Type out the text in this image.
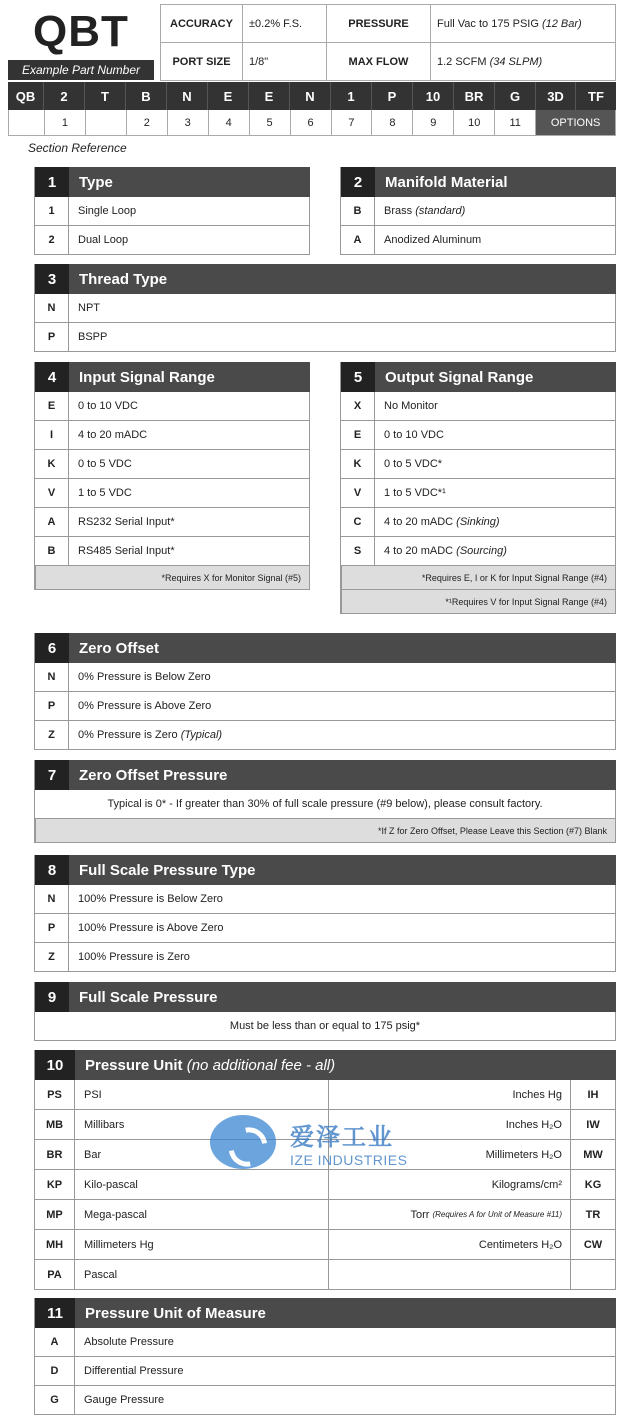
QBT
Example Part Number
ACCURACY	±0.2% F.S.	PRESSURE	Full Vac to 175 PSIG
(12 Bar)
PORT SIZE	1/8"	MAX FLOW	1.2 SCFM
(34 SLPM)
QB	2	T	B	N	E	E	N	1	P	10	BR	G	3D	TF
1	2	3	4	5	6	7	8	9	10	11	OPTIONS
Section Reference
1	Type
1	Single Loop
2	Dual Loop
2	Manifold Material
B	Brass
(standard)
A	Anodized Aluminum
3	Thread Type
N	NPT
P	BSPP
4	Input Signal Range
E	0 to 10 VDC
I	4 to 20 mADC
K	0 to 5 VDC
V	1 to 5 VDC
A	RS232 Serial Input*
B	RS485 Serial Input*
*Requires X for Monitor Signal (#5)
5	Output Signal Range
X	No Monitor
E	0 to 10 VDC
K	0 to 5 VDC*
V	1 to 5 VDC*¹
C	4 to 20 mADC
(Sinking)
S	4 to 20 mADC
(Sourcing)
*Requires E, I or K for Input Signal Range (#4)
*¹Requires V for Input Signal Range (#4)
6	Zero Offset
N	0% Pressure is Below Zero
P	0% Pressure is Above Zero
Z	0% Pressure is Zero
(Typical)
7	Zero Offset Pressure
Typical is 0* - If greater than 30% of full scale pressure (#9 below), please consult factory.
*If Z for Zero Offset, Please Leave this Section (#7) Blank
8	Full Scale Pressure Type
N	100% Pressure is Below Zero
P	100% Pressure is Above Zero
Z	100% Pressure is Zero
9	Full Scale Pressure
Must be less than or equal to 175 psig*
10	Pressure Unit
(no additional fee - all)
PS	PSI	Inches Hg	IH
MB	Millibars	Inches H₂O	IW
BR	Bar	Millimeters H₂O	MW
KP	Kilo-pascal	Kilograms/cm²	KG
MP	Mega-pascal	Torr (Requires A for Unit of Measure #11)	TR
MH	Millimeters Hg	Centimeters H₂O	CW
PA	Pascal
11	Pressure Unit of Measure
A	Absolute Pressure
D	Differential Pressure
G	Gauge Pressure
爱泽工业
IZE INDUSTRIES
